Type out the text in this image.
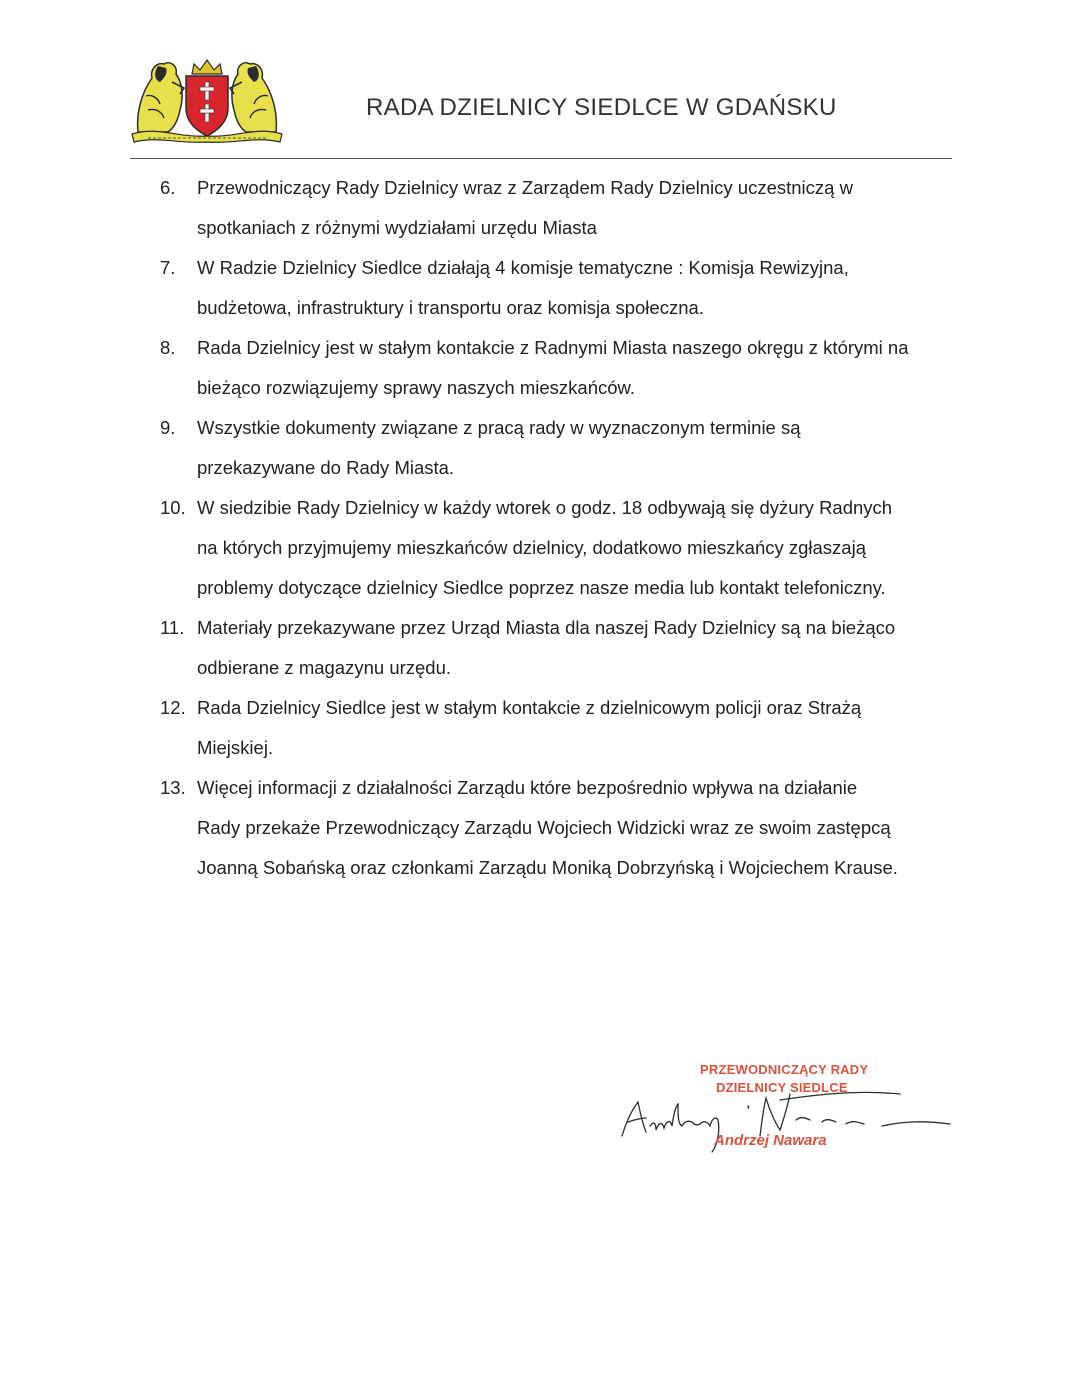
RADA DZIELNICY SIEDLCE W GDAŃSKU
6.	Przewodniczący Rady Dzielnicy wraz z Zarządem Rady Dzielnicy uczestniczą w
spotkaniach z różnymi wydziałami urzędu Miasta
7.	W Radzie Dzielnicy Siedlce działają 4 komisje tematyczne : Komisja Rewizyjna,
budżetowa, infrastruktury i transportu oraz komisja społeczna.
8.	Rada Dzielnicy jest w stałym kontakcie z Radnymi Miasta naszego okręgu z którymi na
bieżąco rozwiązujemy sprawy naszych mieszkańców.
9.	Wszystkie dokumenty związane z pracą rady w wyznaczonym terminie są
przekazywane do Rady Miasta.
10. W siedzibie Rady Dzielnicy w każdy wtorek o godz. 18 odbywają się dyżury Radnych
na których przyjmujemy mieszkańców dzielnicy, dodatkowo mieszkańcy zgłaszają
problemy dotyczące dzielnicy Siedlce poprzez nasze media lub kontakt telefoniczny.
11. Materiały przekazywane przez Urząd Miasta dla naszej Rady Dzielnicy są na bieżąco
odbierane z magazynu urzędu.
12. Rada Dzielnicy Siedlce jest w stałym kontakcie z dzielnicowym policji oraz Strażą
Miejskiej.
13. Więcej informacji z działalności Zarządu które bezpośrednio wpływa na działanie
Rady przekaże Przewodniczący Zarządu Wojciech Widzicki wraz ze swoim zastępcą
Joanną Sobańską oraz członkami Zarządu Moniką Dobrzyńską i Wojciechem Krause.
PRZEWODNICZĄCY RADY
DZIELNICY SIEDLCE
Andrzej Nawara
